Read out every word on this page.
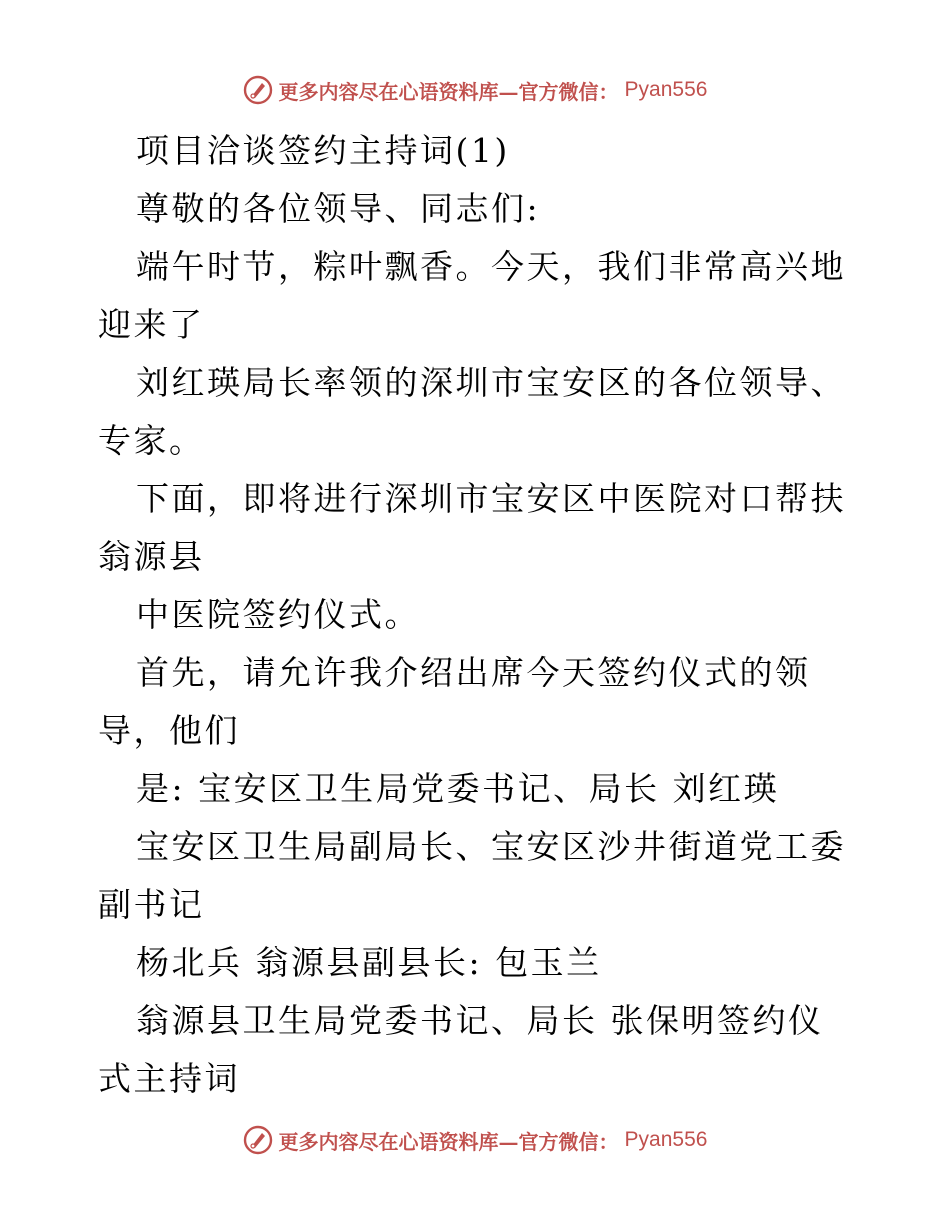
更多内容尽在心语资料库—官方微信： Pyan556

项目洽谈签约主持词(1)

尊敬的各位领导、同志们:

端午时节，粽叶飘香。今天，我们非常高兴地迎来了

刘红瑛局长率领的深圳市宝安区的各位领导、专家。

下面，即将进行深圳市宝安区中医院对口帮扶翁源县

中医院签约仪式。

首先，请允许我介绍出席今天签约仪式的领导，他们

是: 宝安区卫生局党委书记、局长 刘红瑛

宝安区卫生局副局长、宝安区沙井街道党工委副书记

杨北兵 翁源县副县长: 包玉兰

翁源县卫生局党委书记、局长 张保明签约仪式主持词

更多内容尽在心语资料库—官方微信： Pyan556
